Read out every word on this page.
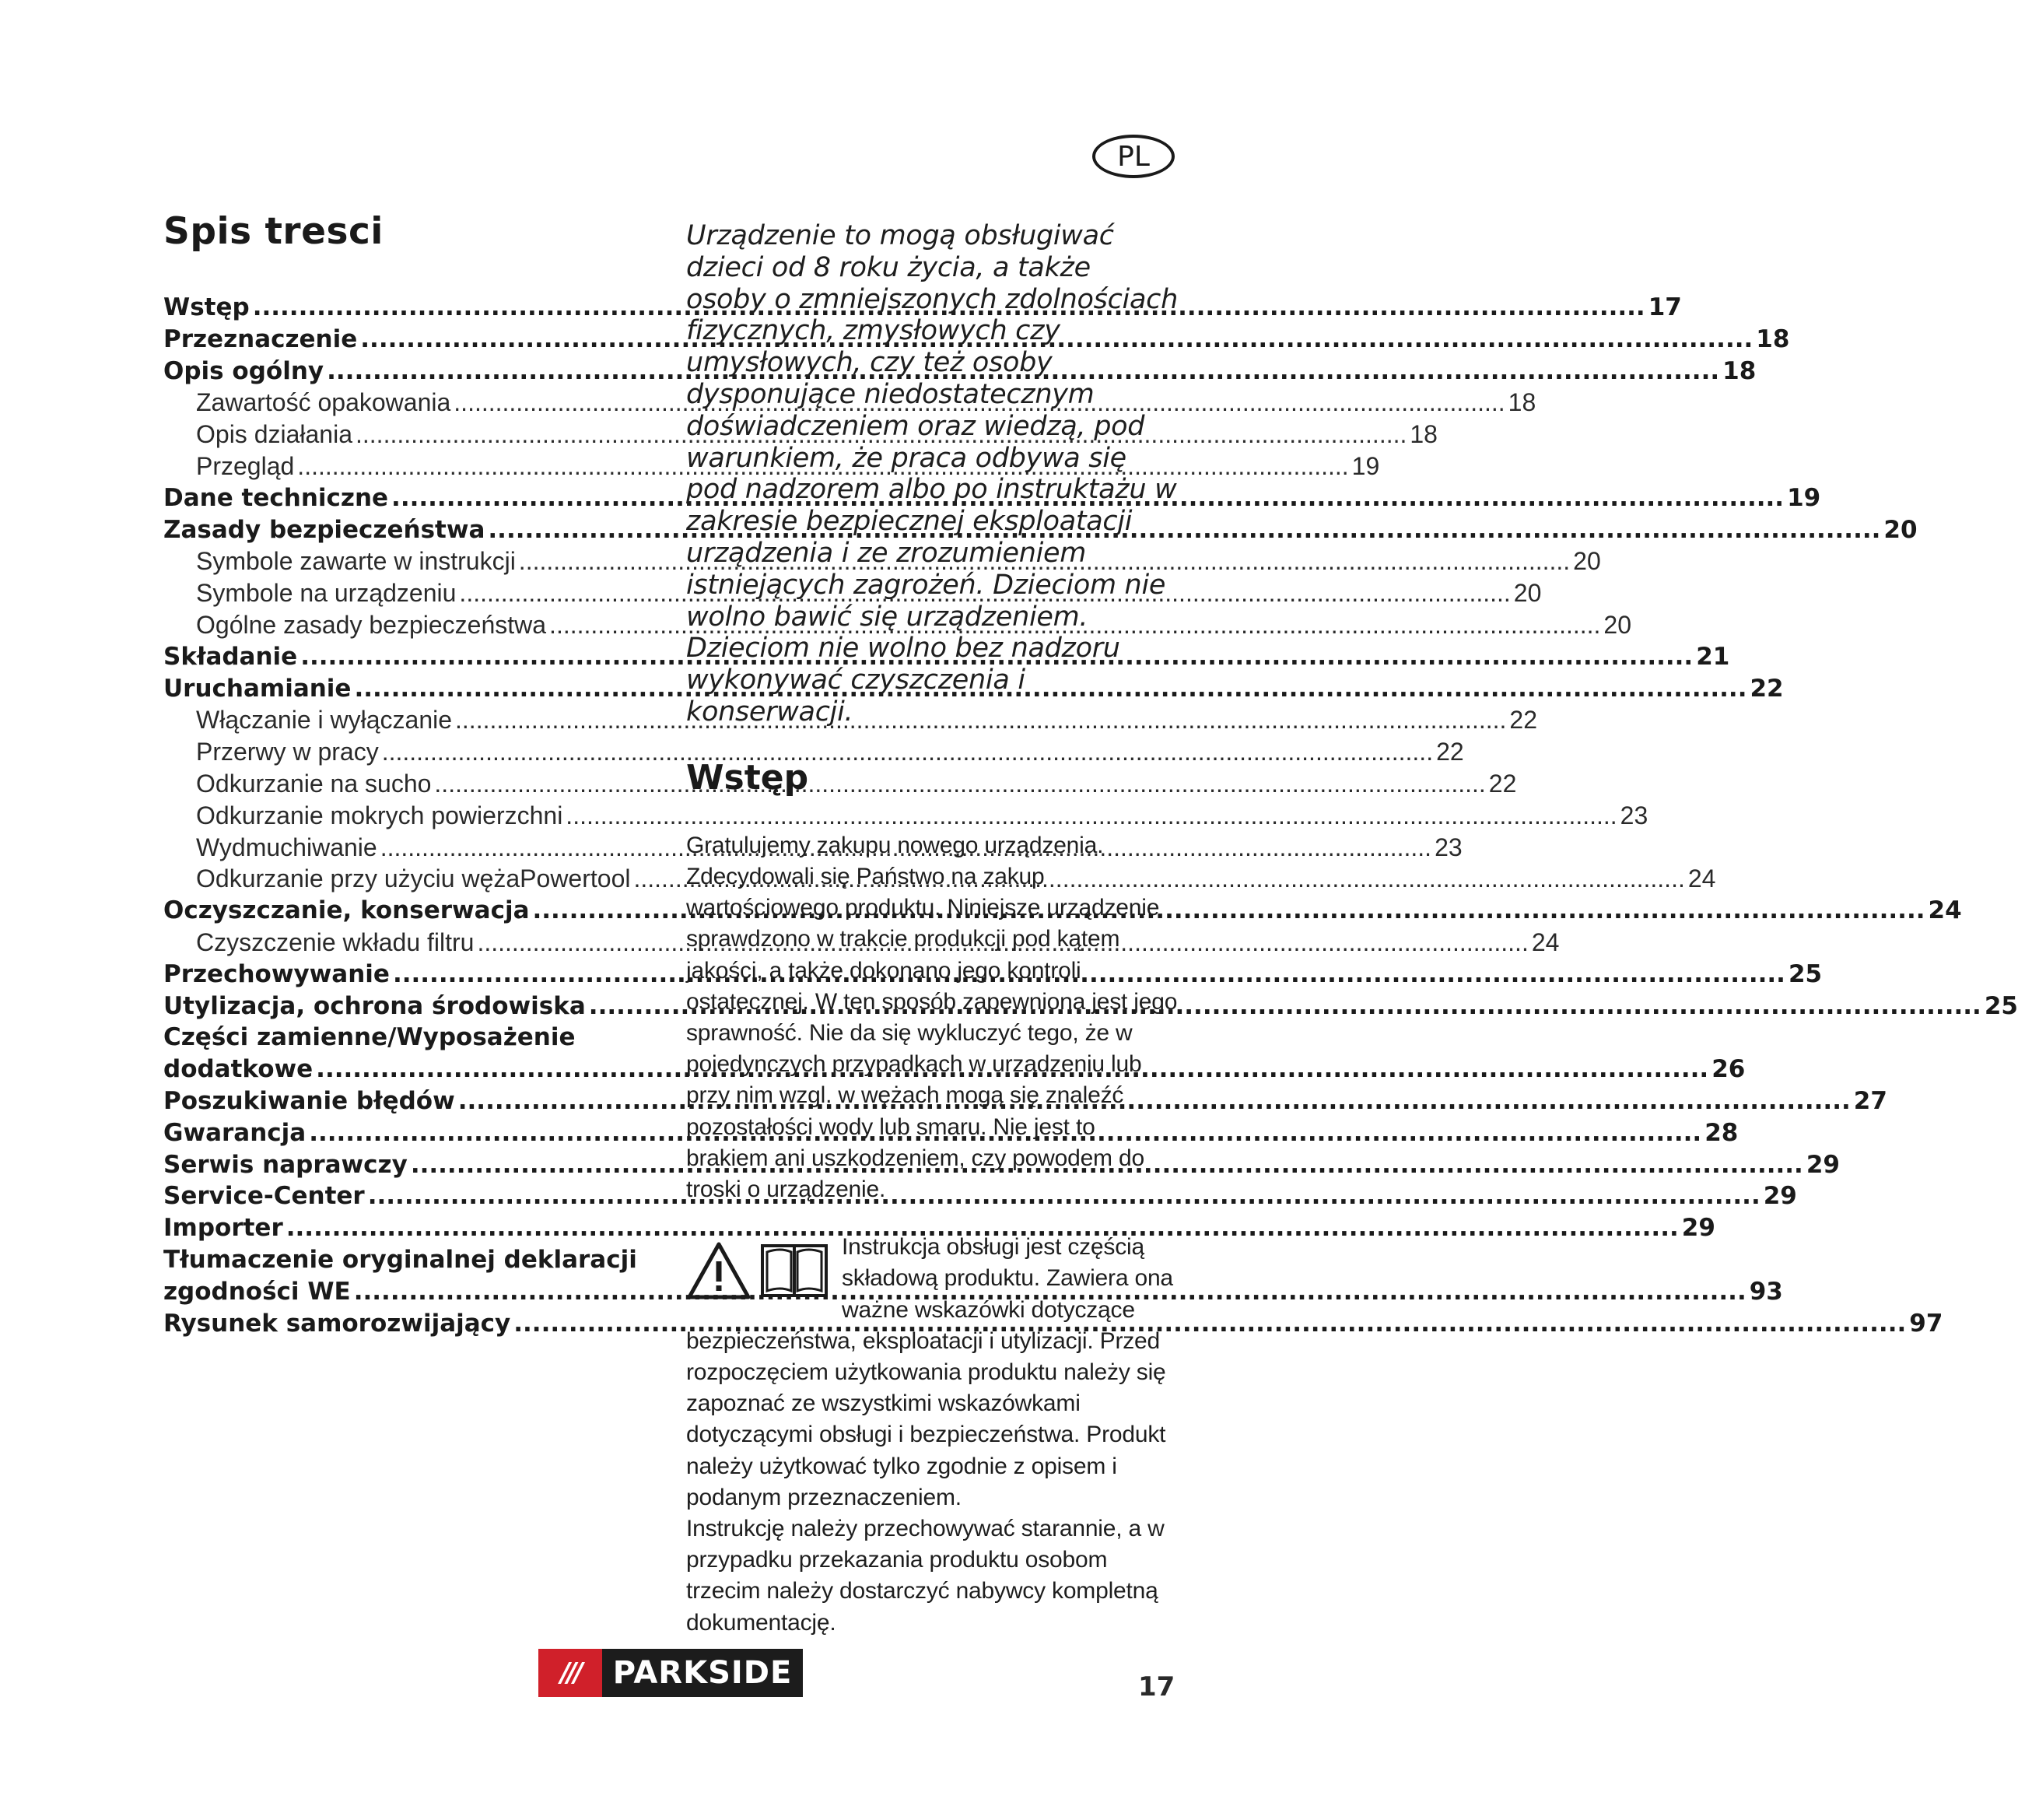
PL
Spis tresci
Wstęp .....	17
Przeznaczenie .....	18
Opis ogólny .....	18
Zawartość opakowania .....	18
Opis działania .....	18
Przegląd .....	19
Dane techniczne .....	19
Zasady bezpieczeństwa .....	20
Symbole zawarte w instrukcji .....	20
Symbole na urządzeniu .....	20
Ogólne zasady bezpieczeństwa .....	20
Składanie .....	21
Uruchamianie .....	22
Włączanie i wyłączanie .....	22
Przerwy w pracy .....	22
Odkurzanie na sucho .....	22
Odkurzanie mokrych powierzchni .....	23
Wydmuchiwanie .....	23
Odkurzanie przy użyciu węża Powertool .....	24
Oczyszczanie, konserwacja .....	24
Czyszczenie wkładu filtru .....	24
Przechowywanie .....	25
Utylizacja, ochrona środowiska .....	25
Części zamienne/Wyposażenie
dodatkowe .....	26
Poszukiwanie błędów .....	27
Gwarancja .....	28
Serwis naprawczy .....	29
Service-Center .....	29
Importer .....	29
Tłumaczenie oryginalnej deklaracji
zgodności WE .....	93
Rysunek samorozwijający .....	97

Urządzenie to mogą obsługiwać dzieci od 8 roku życia, a także osoby o zmniejszonych zdolnościach fizycznych, zmysłowych czy umysłowych, czy też osoby dysponujące niedostatecznym doświadczeniem oraz wiedzą, pod warunkiem, że praca odbywa się pod nadzorem albo po instruktażu w zakresie bezpiecznej eksploatacji urządzenia i ze zrozumieniem istniejących zagrożeń. Dzieciom nie wolno bawić się urządzeniem. Dzieciom nie wolno bez nadzoru wykonywać czyszczenia i konserwacji.

Wstęp

Gratulujemy zakupu nowego urządzenia. Zdecydowali się Państwo na zakup wartościowego produktu. Niniejsze urządzenie sprawdzono w trakcie produkcji pod kątem jakości, a także dokonano jego kontroli ostatecznej. W ten sposób zapewniona jest jego sprawność. Nie da się wykluczyć tego, że w pojedynczych przypadkach w urządzeniu lub przy nim wzgl. w wężach mogą się znaleźć pozostałości wody lub smaru. Nie jest to brakiem ani uszkodzeniem, czy powodem do troski o urządzenie.

Instrukcja obsługi jest częścią składową produktu. Zawiera ona ważne wskazówki dotyczące bezpieczeństwa, eksploatacji i utylizacji. Przed rozpoczęciem użytkowania produktu należy się zapoznać ze wszystkimi wskazówkami dotyczącymi obsługi i bezpieczeństwa. Produkt należy użytkować tylko zgodnie z opisem i podanym przeznaczeniem.

Instrukcję należy przechowywać starannie, a w przypadku przekazania produktu osobom trzecim należy dostarczyć nabywcy kompletną dokumentację.

///	PARKSIDE	17
